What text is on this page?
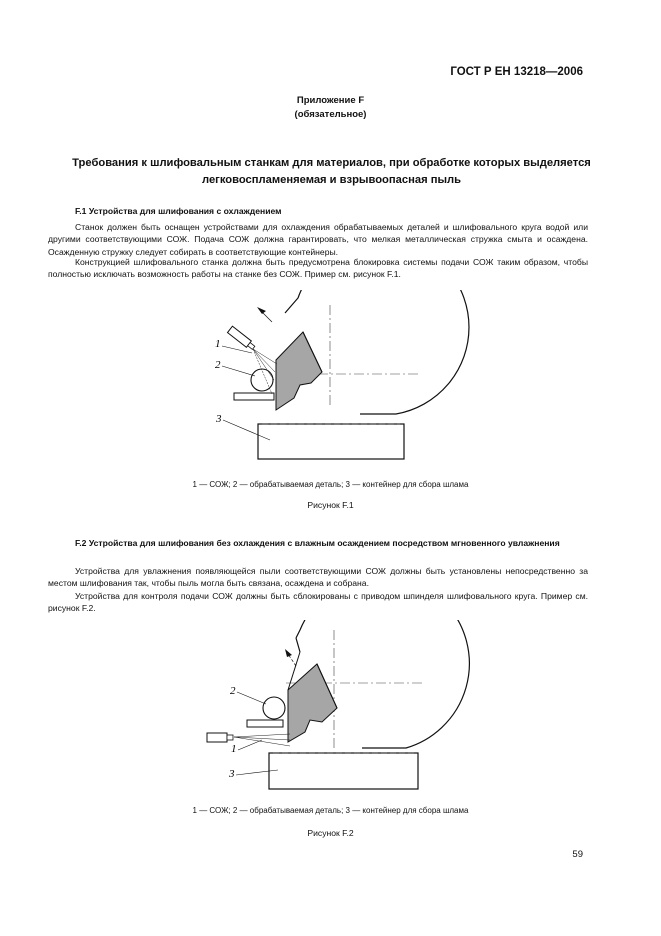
ГОСТ Р ЕН 13218—2006
Приложение F
(обязательное)
Требования к шлифовальным станкам для материалов, при обработке которых выделяется легковоспламеняемая и взрывоопасная пыль
F.1 Устройства для шлифования с охлаждением
Станок должен быть оснащен устройствами для охлаждения обрабатываемых деталей и шлифовального круга водой или другими соответствующими СОЖ. Подача СОЖ должна гарантировать, что мелкая металлическая стружка смыта и осаждена. Осажденную стружку следует собирать в соответствующие контейнеры.
Конструкцией шлифовального станка должна быть предусмотрена блокировка системы подачи СОЖ таким образом, чтобы полностью исключать возможность работы на станке без СОЖ. Пример см. рисунок F.1.
1
2
3
1 — СОЖ; 2 — обрабатываемая деталь; 3 — контейнер для сбора шлама
Рисунок F.1
F.2 Устройства для шлифования без охлаждения с влажным осаждением посредством мгновенного увлажнения
Устройства для увлажнения появляющейся пыли соответствующими СОЖ должны быть установлены непосредственно за местом шлифования так, чтобы пыль могла быть связана, осаждена и собрана.
Устройства для контроля подачи СОЖ должны быть сблокированы с приводом шпинделя шлифовального круга. Пример см. рисунок F.2.
2
1
3
1 — СОЖ; 2 — обрабатываемая деталь; 3 — контейнер для сбора шлама
Рисунок F.2
59
